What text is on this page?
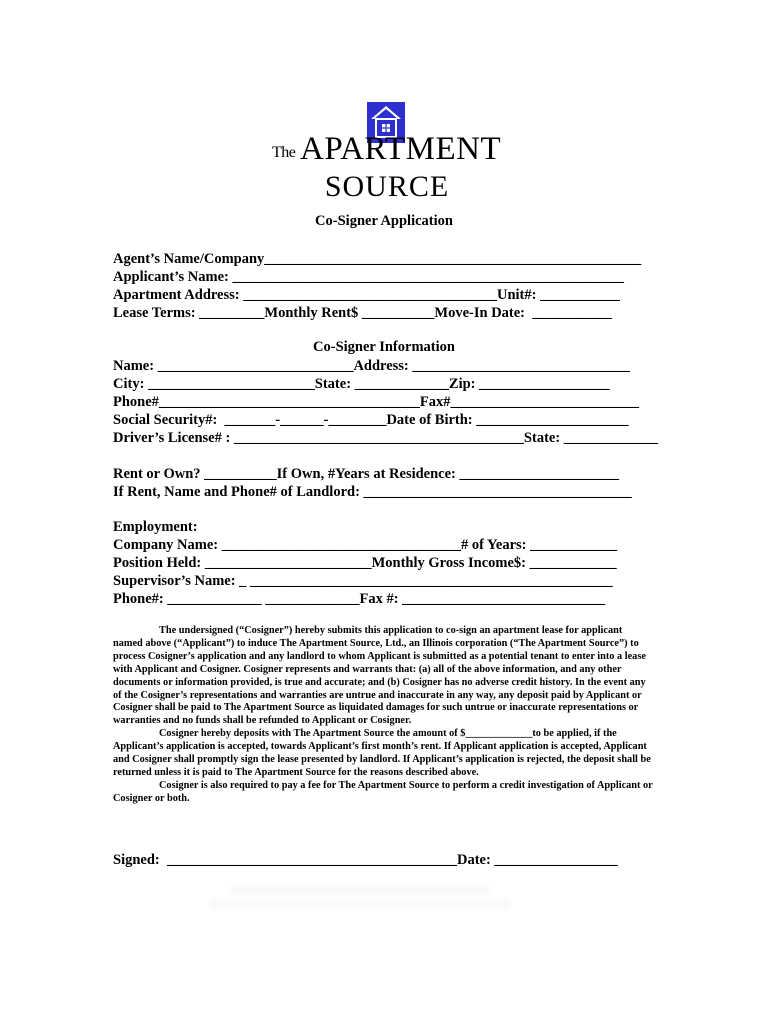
The APARTMENT
SOURCE
Co-Signer Application
Agent’s Name/Company____________________________________________________
Applicant’s Name: ______________________________________________________
Apartment Address: ___________________________________Unit#: ___________
Lease Terms: _________Monthly Rent$ __________Move-In Date:  ___________
Co-Signer Information
Name: ___________________________Address: ______________________________
City: _______________________State: _____________Zip: __________________
Phone#____________________________________Fax#__________________________
Social Security#:  _______-______-________Date of Birth: _____________________
Driver’s License# : ________________________________________State: _____________
Rent or Own? __________If Own, #Years at Residence: ______________________
If Rent, Name and Phone# of Landlord: _____________________________________
Employment:
Company Name: _________________________________# of Years: ____________
Position Held: _______________________Monthly Gross Income$: ____________
Supervisor’s Name: _ __________________________________________________
Phone#: _____________ _____________Fax #: ____________________________

The undersigned (“Cosigner”) hereby submits this application to co-sign an apartment lease for applicant named above (“Applicant”) to induce The Apartment Source, Ltd., an Illinois corporation (“The Apartment Source”) to process Cosigner’s application and any landlord to whom Applicant is submitted as a potential tenant to enter into a lease with Applicant and Cosigner. Cosigner represents and warrants that: (a) all of the above information, and any other documents or information provided, is true and accurate; and (b) Cosigner has no adverse credit history. In the event any of the Cosigner’s representations and warranties are untrue and inaccurate in any way, any deposit paid by Applicant or Cosigner shall be paid to The Apartment Source as liquidated damages for such untrue or inaccurate representations or warranties and no funds shall be refunded to Applicant or Cosigner.

Cosigner hereby deposits with The Apartment Source the amount of $_____________to be applied, if the Applicant’s application is accepted, towards Applicant’s first month’s rent. If Applicant application is accepted, Applicant and Cosigner shall promptly sign the lease presented by landlord. If Applicant’s application is rejected, the deposit shall be returned unless it is paid to The Apartment Source for the reasons described above.

Cosigner is also required to pay a fee for The Apartment Source to perform a credit investigation of Applicant or Cosigner or both.

Signed:  ________________________________________Date: _________________
